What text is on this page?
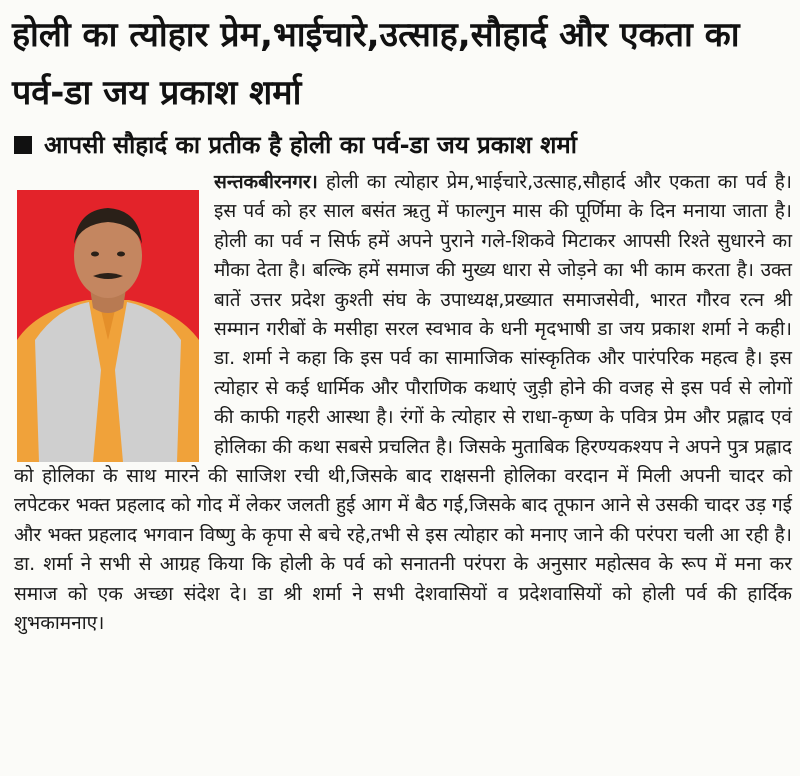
होली का त्योहार प्रेम,भाईचारे,उत्साह,सौहार्द और एकता का पर्व-डा जय प्रकाश शर्मा
आपसी सौहार्द का प्रतीक है होली का पर्व-डा जय प्रकाश शर्मा

सन्तकबीरनगर। होली का त्योहार प्रेम,भाईचारे,उत्साह,सौहार्द और एकता का पर्व है। इस पर्व को हर साल बसंत ऋतु में फाल्गुन मास की पूर्णिमा के दिन मनाया जाता है।होली का पर्व न सिर्फ हमें अपने पुराने गले-शिकवे मिटाकर आपसी रिश्ते सुधारने का मौका देता है। बल्कि हमें समाज की मुख्य धारा से जोड़ने का भी काम करता है। उक्त बातें उत्तर प्रदेश कुश्ती संघ के उपाध्यक्ष,प्रख्यात समाजसेवी, भारत गौरव रत्न श्री सम्मान गरीबों के मसीहा सरल स्वभाव के धनी मृदभाषी डा जय प्रकाश शर्मा ने कही। डा. शर्मा ने कहा कि इस पर्व का सामाजिक सांस्कृतिक और पारंपरिक महत्व है। इस त्योहार से कई धार्मिक और पौराणिक कथाएं जुड़ी होने की वजह से इस पर्व से लोगों की काफी गहरी आस्था है। रंगों के त्योहार से राधा-कृष्ण के पवित्र प्रेम और प्रह्लाद एवं होलिका की कथा सबसे प्रचलित है। जिसके मुताबिक हिरण्यकश्यप ने अपने पुत्र प्रह्लाद को होलिका के साथ मारने की साजिश रची थी,जिसके बाद राक्षसनी होलिका वरदान में मिली अपनी चादर को लपेटकर भक्त प्रहलाद को गोद में लेकर जलती हुई आग में बैठ गई,जिसके बाद तूफान आने से उसकी चादर उड़ गई और भक्त प्रहलाद भगवान विष्णु के कृपा से बचे रहे,तभी से इस त्योहार को मनाए जाने की परंपरा चली आ रही है। डा. शर्मा ने सभी से आग्रह किया कि होली के पर्व को सनातनी परंपरा के अनुसार महोत्सव के रूप में मना कर समाज को एक अच्छा संदेश दे। डा श्री शर्मा ने सभी देशवासियों व प्रदेशवासियों को होली पर्व की हार्दिक शुभकामनाए।
